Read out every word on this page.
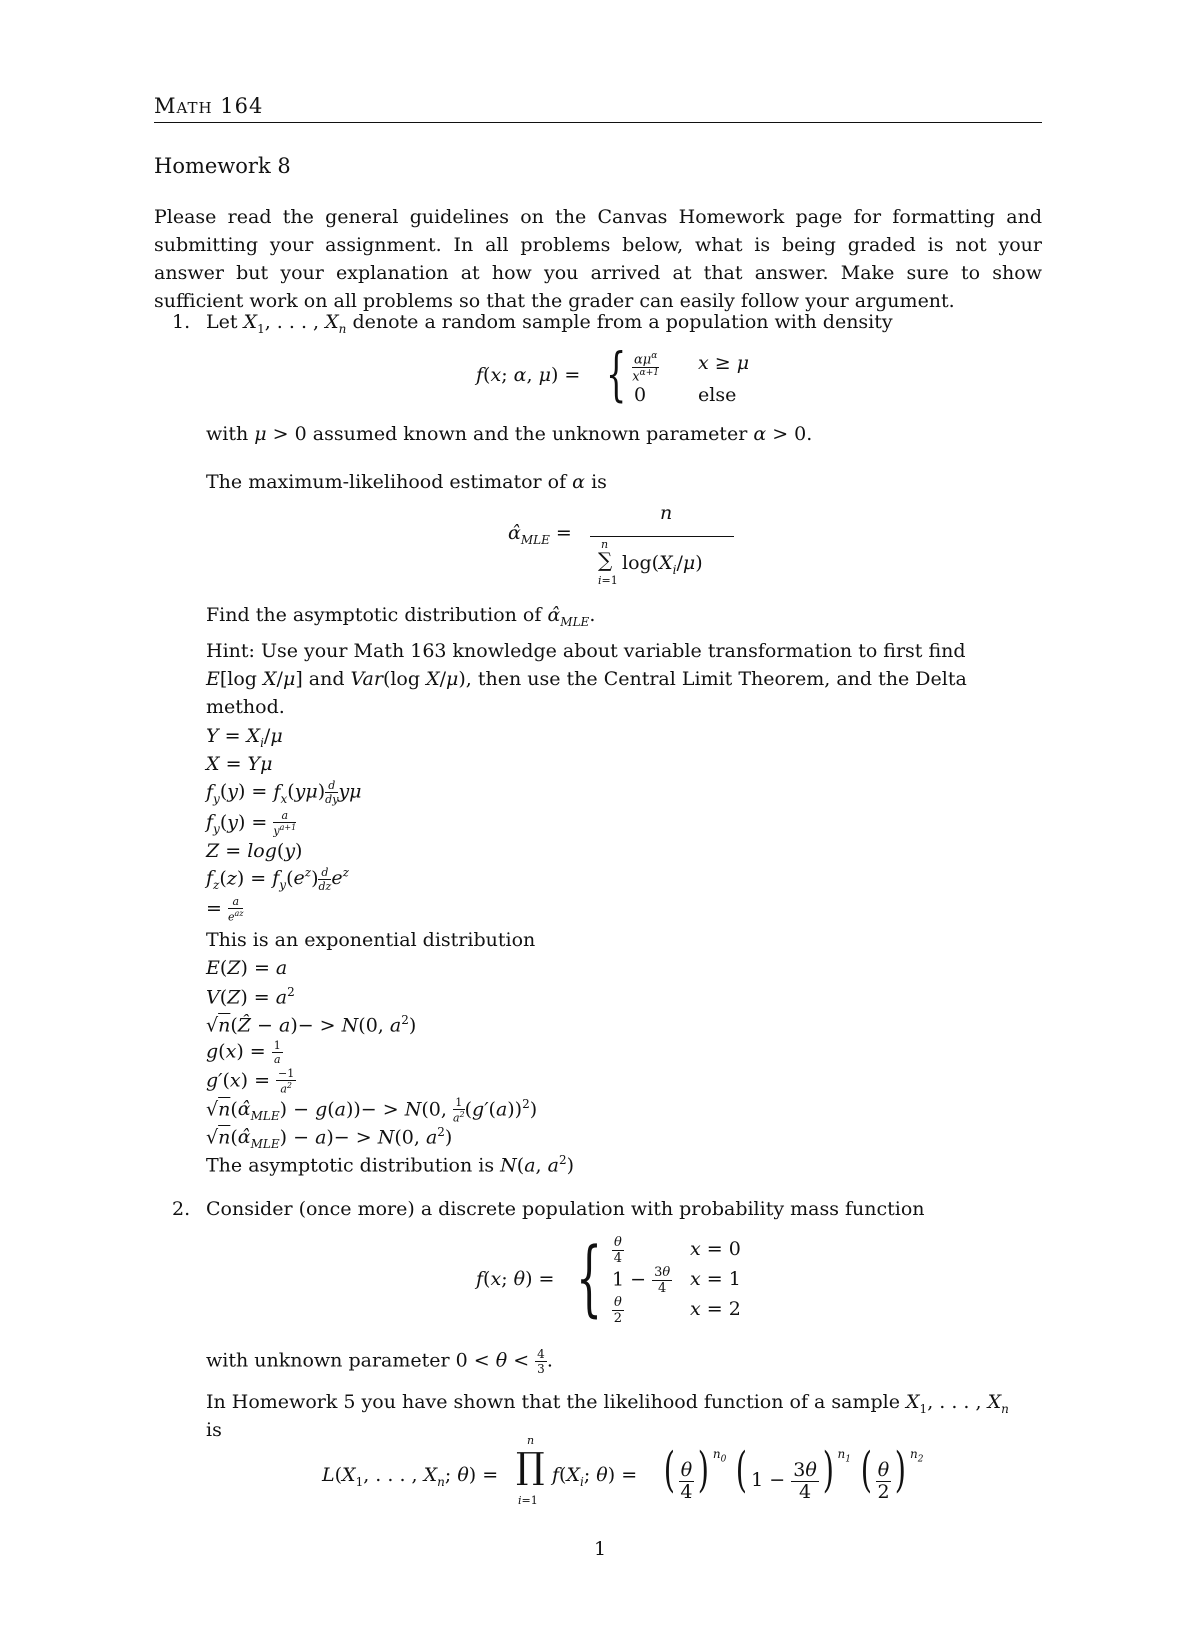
Math 164
Homework 8
Please read the general guidelines on the Canvas Homework page for formatting and submitting your assignment. In all problems below, what is being graded is not your answer but your explanation at how you arrived at that answer. Make sure to show sufficient work on all problems so that the grader can easily follow your argument.
1. Let $X_1$, . . . , $X_n$ denote a random sample from a population with density
f(x; α, μ) = { $\frac{\alpha\mu^\alpha}{x^{\alpha+1}}$ x ≥ μ
0	else
with μ > 0 assumed known and the unknown parameter α > 0.
The maximum-likelihood estimator of α is
$\alphâ_{MLE}$ =
n
n
∑
i=1
$\log(X_i/\mu)$
Find the asymptotic distribution of $\alphâ_{MLE}$.
Hint: Use your Math 163 knowledge about variable transformation to first find
E[log X/μ] and Var(log X/μ), then use the Central Limit Theorem, and the Delta
method.
$Y = X_i/\mu$
X = Yμ
$f_y(y) = f_x(y\mu) \frac{d}{dy}$ yμ
$f_y(y) = \frac{a}{y^{a+1}}$
Z = log(y)
$f_z(z) = f_y(e^z) \frac{d}{dz} e^z$
= $\frac{a}{e^{az}}$
This is an exponential distribution
E(Z) = a
$V(Z) = a^2$
√n(Ẑ − a)− > N(0, $a^2$)
$g(x) = \frac{1}{a}$
$g'(x) = \frac{-1}{a^2}$
$√n(\alphâ_{MLE}) - g(a))- > N(0$, $\frac{1}{a^2} (g'(a))^2$)
$√n(\alphâ_{MLE}) - a)- > N(0$, $a^2$)
The asymptotic distribution is N(a, $a^2$)
2. Consider (once more) a discrete population with probability mass function
f(x; θ) = { $\frac{\theta}{4}$	x = 0
$1 - \frac{3\theta}{4}$ x = 1
$\frac{\theta}{2}$	x = 2
with unknown parameter $0 < \theta < \frac{4}{3}$ .
In Homework 5 you have shown that the likelihood function of a sample $X_1$, . . . , $X_n$
is
$L(X_1$, . . . , $X_n$; θ) =
n
∏
i=1
$f(X_i$; θ) = ( $\frac{\theta}{4}$ ) $^{n_0}$ ( $1 - \frac{3\theta}{4}$ ) $^{n_1}$ ( $\frac{\theta}{2}$ ) $^{n_2}$
1
